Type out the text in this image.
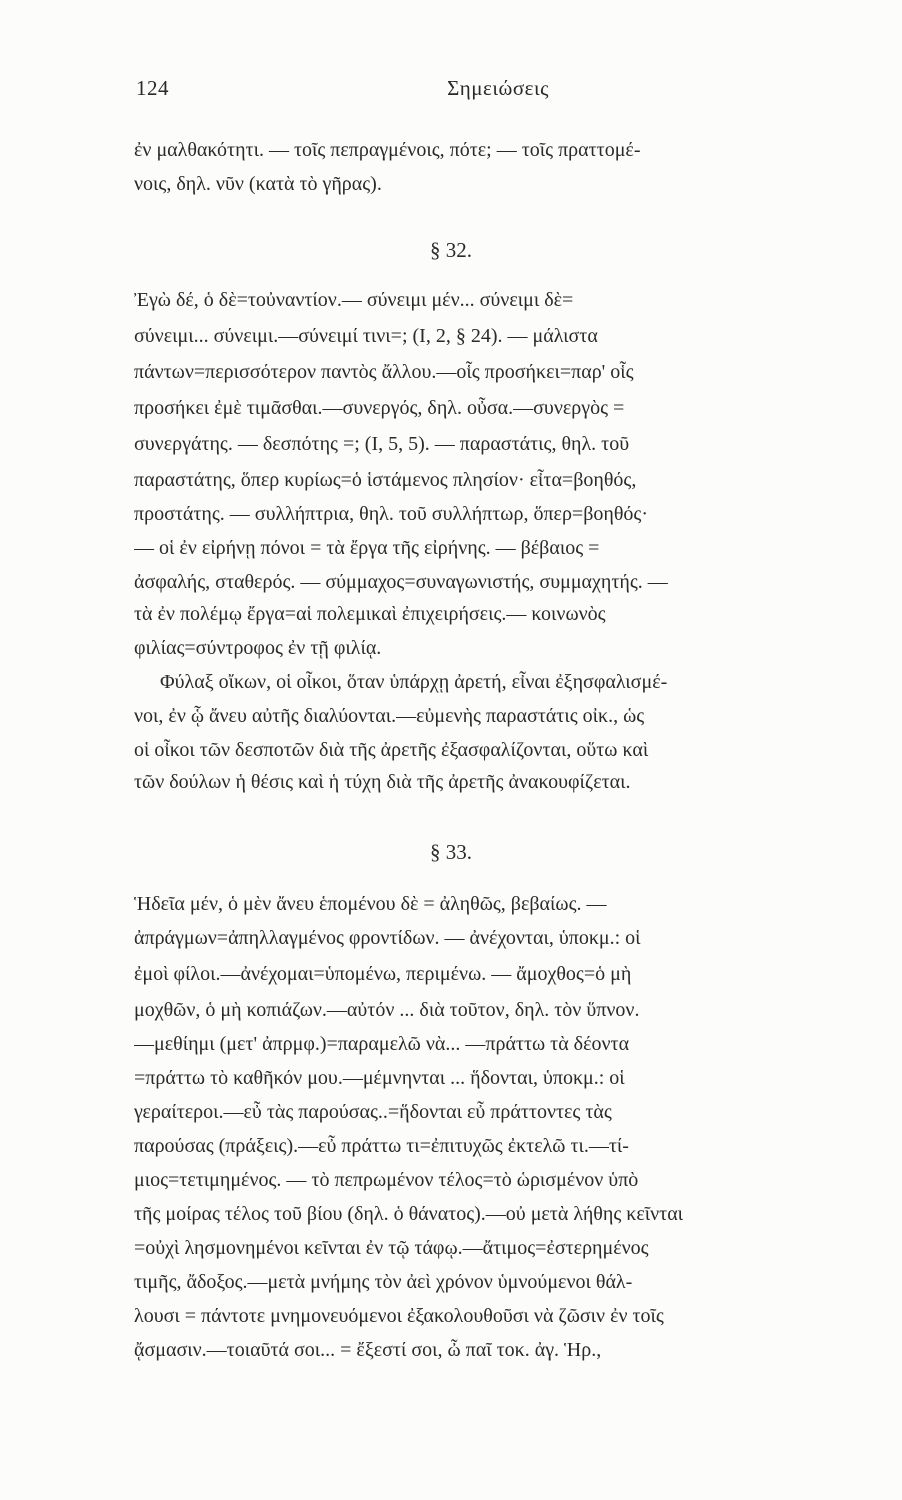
124	Σημειώσεις
ἐν μαλθακότητι. — τοῖς πεπραγμένοις, πότε; — τοῖς πραττομέ-
νοις, δηλ. νῦν (κατὰ τὸ γῆρας).
§ 32.
Ἐγὼ δέ, ὁ δὲ=τοὐναντίον.— σύνειμι μέν... σύνειμι δὲ=
σύνειμι... σύνειμι.—σύνειμί τινι=; (I, 2, § 24). — μάλιστα
πάντων=περισσότερον παντὸς ἄλλου.—οἷς προσήκει=παρ' οἷς
προσήκει ἐμὲ τιμᾶσθαι.—συνεργός, δηλ. οὖσα.—συνεργὸς =
συνεργάτης. — δεσπότης =; (I, 5, 5). — παραστάτις, θηλ. τοῦ
παραστάτης, ὅπερ κυρίως=ὁ ἱστάμενος πλησίον· εἶτα=βοηθός,
προστάτης. — συλλήπτρια, θηλ. τοῦ συλλήπτωρ, ὅπερ=βοηθός·
— οἱ ἐν εἰρήνῃ πόνοι = τὰ ἔργα τῆς εἰρήνης. — βέβαιος =
ἀσφαλής, σταθερός. — σύμμαχος=συναγωνιστής, συμμαχητής. —
τὰ ἐν πολέμῳ ἔργα=αἱ πολεμικαὶ ἐπιχειρήσεις.— κοινωνὸς
φιλίας=σύντροφος ἐν τῇ φιλίᾳ.
Φύλαξ οἴκων, οἱ οἶκοι, ὅταν ὑπάρχῃ ἀρετή, εἶναι ἐξησφαλισμέ-
νοι, ἐν ᾧ ἄνευ αὐτῆς διαλύονται.—εὐμενὴς παραστάτις οἰκ., ὡς
οἱ οἶκοι τῶν δεσποτῶν διὰ τῆς ἀρετῆς ἐξασφαλίζονται, οὕτω καὶ
τῶν δούλων ἡ θέσις καὶ ἡ τύχη διὰ τῆς ἀρετῆς ἀνακουφίζεται.
§ 33.
Ἡδεῖα μέν, ὁ μὲν ἄνευ ἑπομένου δὲ = ἀληθῶς, βεβαίως. —
ἀπράγμων=ἀπηλλαγμένος φροντίδων. — ἀνέχονται, ὑποκμ.: οἱ
ἐμοὶ φίλοι.—ἀνέχομαι=ὑπομένω, περιμένω. — ἄμοχθος=ὁ μὴ
μοχθῶν, ὁ μὴ κοπιάζων.—αὐτόν ... διὰ τοῦτον, δηλ. τὸν ὕπνον.
—μεθίημι (μετ' ἀπρμφ.)=παραμελῶ νὰ... —πράττω τὰ δέοντα
=πράττω τὸ καθῆκόν μου.—μέμνηνται ... ἥδονται, ὑποκμ.: οἱ
γεραίτεροι.—εὖ τὰς παρούσας..=ἥδονται εὖ πράττοντες τὰς
παρούσας (πράξεις).—εὖ πράττω τι=ἐπιτυχῶς ἐκτελῶ τι.—τί-
μιος=τετιμημένος. — τὸ πεπρωμένον τέλος=τὸ ὡρισμένον ὑπὸ
τῆς μοίρας τέλος τοῦ βίου (δηλ. ὁ θάνατος).—οὐ μετὰ λήθης κεῖνται
=οὐχὶ λησμονημένοι κεῖνται ἐν τῷ τάφῳ.—ἄτιμος=ἐστερημένος
τιμῆς, ἄδοξος.—μετὰ μνήμης τὸν ἀεὶ χρόνον ὑμνούμενοι θάλ-
λουσι = πάντοτε μνημονευόμενοι ἐξακολουθοῦσι νὰ ζῶσιν ἐν τοῖς
ᾄσμασιν.—τοιαῦτά σοι... = ἔξεστί σοι, ὦ παῖ τοκ. ἀγ. Ἡρ.,
